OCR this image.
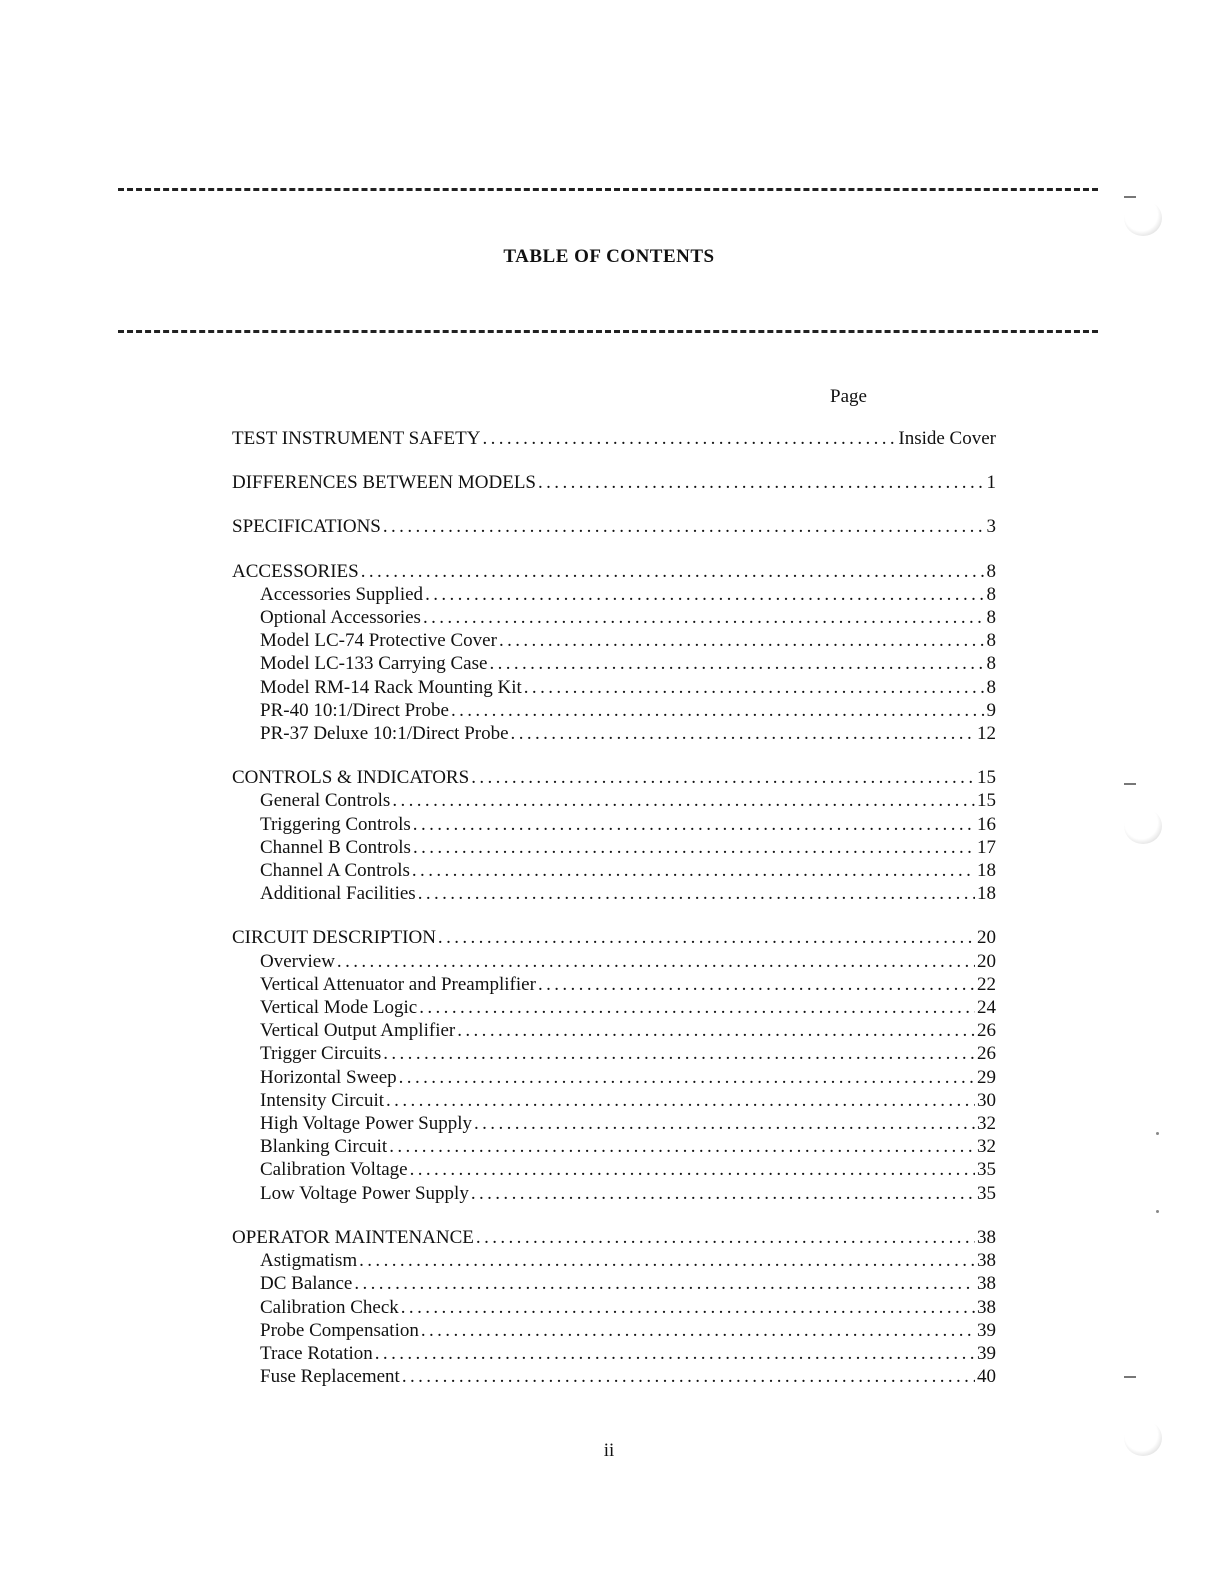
TABLE OF CONTENTS
Page
TEST INSTRUMENT SAFETY .....	Inside Cover
DIFFERENCES BETWEEN MODELS .....	1
SPECIFICATIONS .....	3
ACCESSORIES .....	8
Accessories Supplied .....	8
Optional Accessories .....	8
Model LC-74 Protective Cover .....	8
Model LC-133 Carrying Case .....	8
Model RM-14 Rack Mounting Kit .....	8
PR-40 10:1/Direct Probe .....	9
PR-37 Deluxe 10:1/Direct Probe .....	12
CONTROLS & INDICATORS .....	15
General Controls .....	15
Triggering Controls .....	16
Channel B Controls .....	17
Channel A Controls .....	18
Additional Facilities .....	18
CIRCUIT DESCRIPTION .....	20
Overview .....	20
Vertical Attenuator and Preamplifier .....	22
Vertical Mode Logic .....	24
Vertical Output Amplifier .....	26
Trigger Circuits .....	26
Horizontal Sweep .....	29
Intensity Circuit .....	30
High Voltage Power Supply .....	32
Blanking Circuit .....	32
Calibration Voltage .....	35
Low Voltage Power Supply .....	35
OPERATOR MAINTENANCE .....	38
Astigmatism .....	38
DC Balance .....	38
Calibration Check .....	38
Probe Compensation .....	39
Trace Rotation .....	39
Fuse Replacement .....	40
ii
